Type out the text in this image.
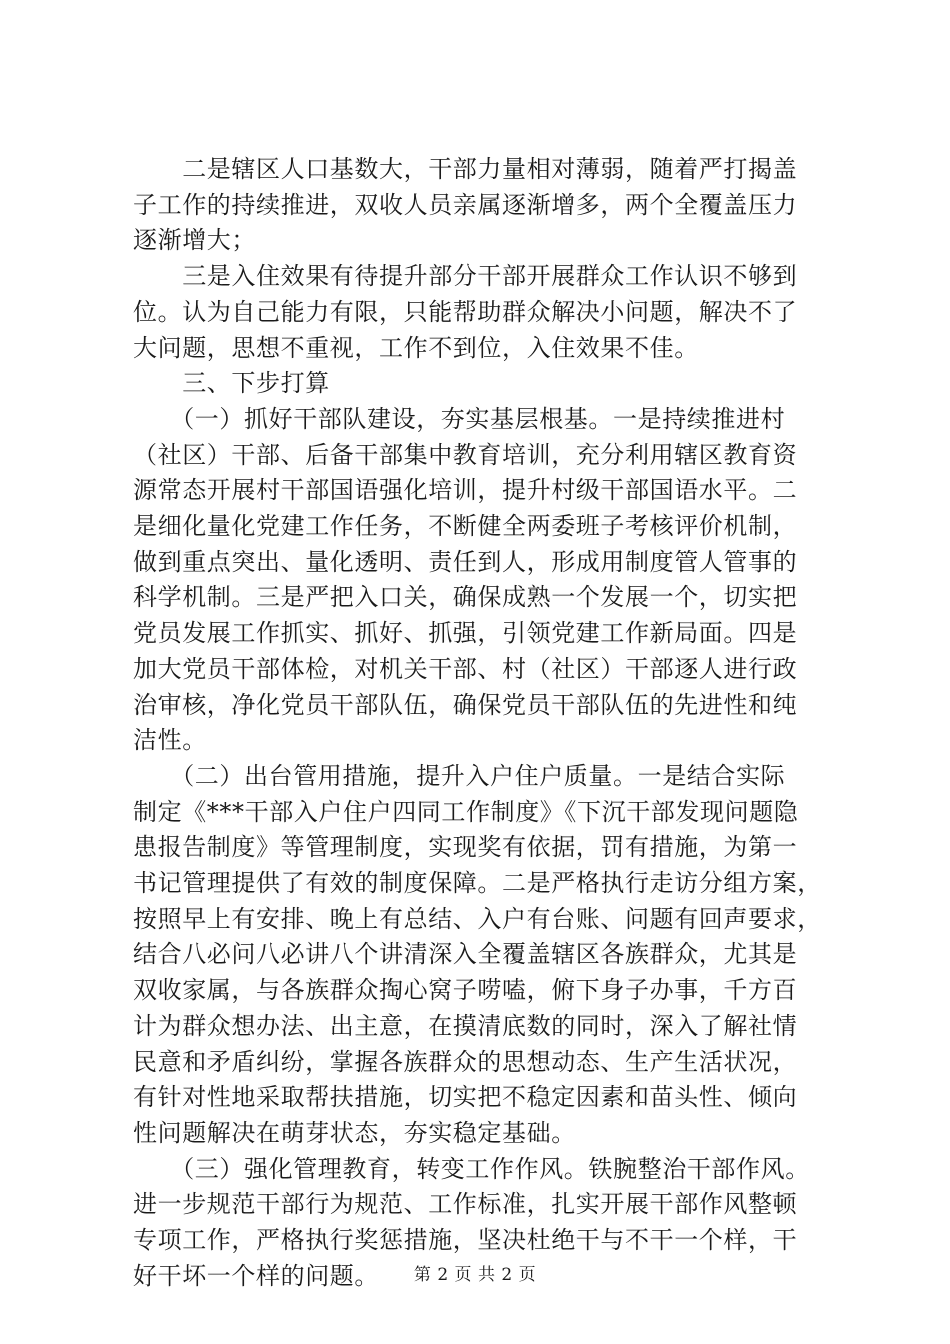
　　二是辖区人口基数大，干部力量相对薄弱，随着严打揭盖
子工作的持续推进，双收人员亲属逐渐增多，两个全覆盖压力
逐渐增大；
　　三是入住效果有待提升部分干部开展群众工作认识不够到
位。认为自己能力有限，只能帮助群众解决小问题，解决不了
大问题，思想不重视，工作不到位，入住效果不佳。
　　三、下步打算
　　（一）抓好干部队建设，夯实基层根基。一是持续推进村
（社区）干部、后备干部集中教育培训，充分利用辖区教育资
源常态开展村干部国语强化培训，提升村级干部国语水平。二
是细化量化党建工作任务，不断健全两委班子考核评价机制，
做到重点突出、量化透明、责任到人，形成用制度管人管事的
科学机制。三是严把入口关，确保成熟一个发展一个，切实把
党员发展工作抓实、抓好、抓强，引领党建工作新局面。四是
加大党员干部体检，对机关干部、村（社区）干部逐人进行政
治审核，净化党员干部队伍，确保党员干部队伍的先进性和纯
洁性。
　　（二）出台管用措施，提升入户住户质量。一是结合实际
制定《***干部入户住户四同工作制度》《下沉干部发现问题隐
患报告制度》等管理制度，实现奖有依据，罚有措施，为第一
书记管理提供了有效的制度保障。二是严格执行走访分组方案，
按照早上有安排、晚上有总结、入户有台账、问题有回声要求，
结合八必问八必讲八个讲清深入全覆盖辖区各族群众，尤其是
双收家属，与各族群众掏心窝子唠嗑，俯下身子办事，千方百
计为群众想办法、出主意，在摸清底数的同时，深入了解社情
民意和矛盾纠纷，掌握各族群众的思想动态、生产生活状况，
有针对性地采取帮扶措施，切实把不稳定因素和苗头性、倾向
性问题解决在萌芽状态，夯实稳定基础。
　　（三）强化管理教育，转变工作作风。铁腕整治干部作风。
进一步规范干部行为规范、工作标准，扎实开展干部作风整顿
专项工作，严格执行奖惩措施，坚决杜绝干与不干一个样，干
好干坏一个样的问题。	第 2 页 共 2 页
